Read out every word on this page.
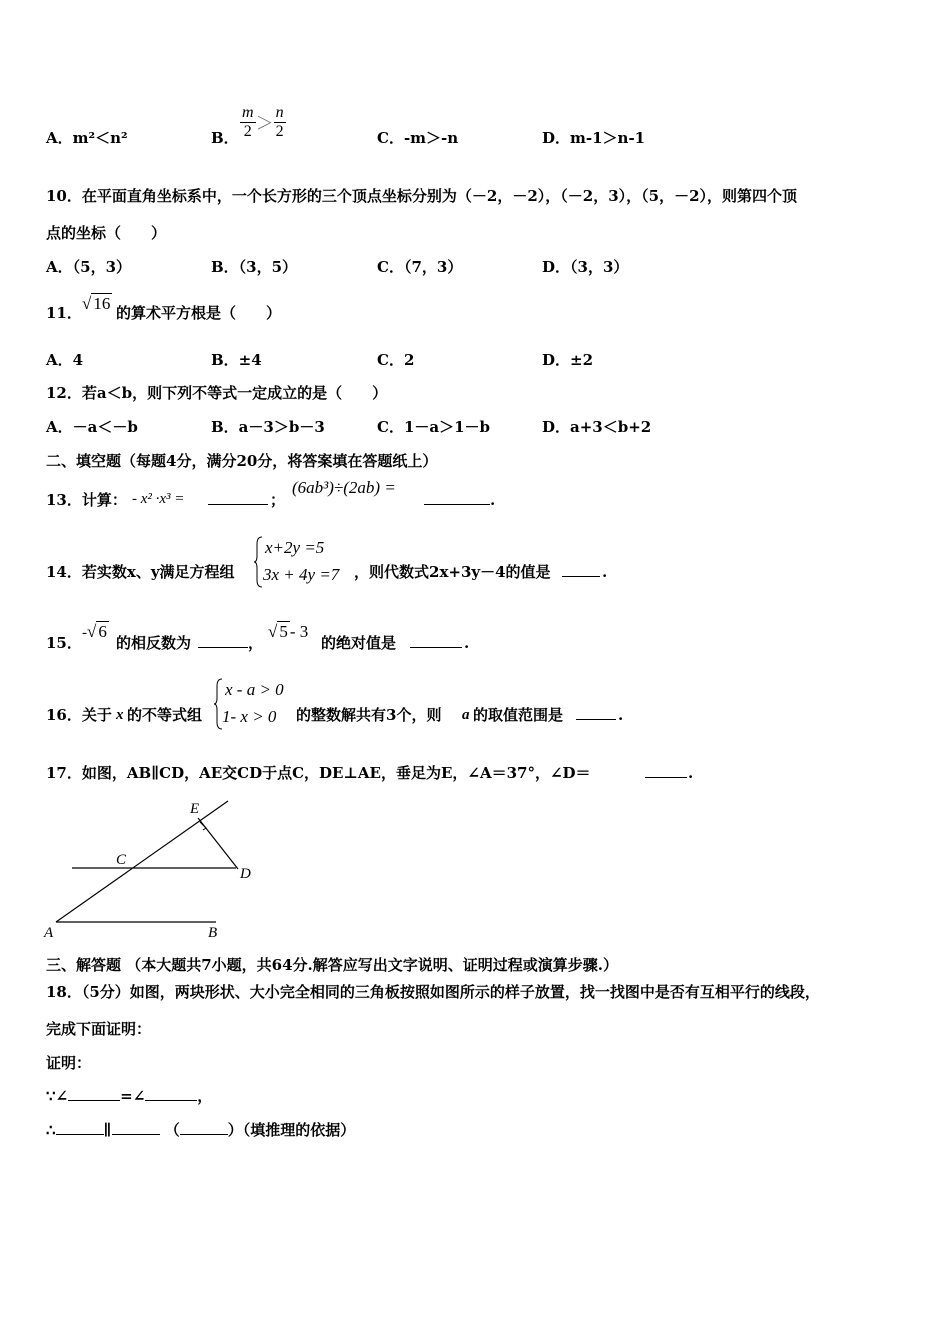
A．m²＜n²	B． $\frac{m}{2} > \frac{n}{2}$	C．-m＞-n	D．m-1＞n-1
10．在平面直角坐标系中，一个长方形的三个顶点坐标分别为（－2，－2），（－2，3），（5，－2），则第四个顶
点的坐标（　　）
A．（5，3）	B．（3，5）	C．（7，3）	D．（3，3）
11． √ 16 的算术平方根是（　　）
A．4	B．±4	C．2	D．±2
12．若a＜b，则下列不等式一定成立的是（　　）
A．－a＜－b	B．a－3＞b－3	C．1－a＞1－b	D．a+3＜b+2
二、填空题（每题4分，满分20分，将答案填在答题纸上）
13．计算： - x² ·x³ =	；
(6ab³)÷(2ab) =
.
14．若实数x、y满足方程组
x+2y =5
3x + 4y =7 ，则代数式2x+3y－4的值是	.
15．
-√ 6
的相反数为	，
√ 5 - 3
的绝对值是	.
16．关于 x 的不等式组
x - a > 0
1- x > 0 的整数解共有3个，则 a 的取值范围是	.
17．如图，AB∥CD，AE交CD于点C，DE⊥AE，垂足为E，∠A＝37°，∠D＝	.
E
C
D
A	B
三、解答题 （本大题共7小题，共64分.解答应写出文字说明、证明过程或演算步骤.）
18．（5分）如图，两块形状、大小完全相同的三角板按照如图所示的样子放置，找一找图中是否有互相平行的线段，
完成下面证明：
证明：
∵∠	=∠	，
∴	∥	（	）（填推理的依据）
